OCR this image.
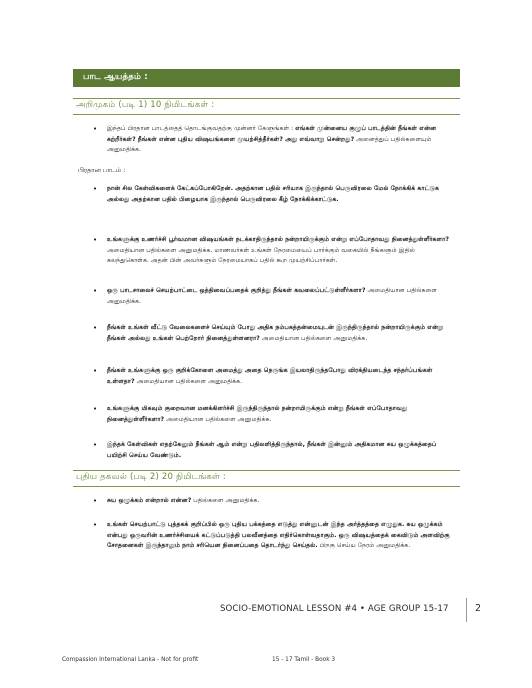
பாட ஆயத்தம் :
அறிமுகம் (படி 1) 10 நிமிடங்கள் :
• இந்தப் பிரதான பாடத்தைத் தொடங்குவதற்கு முன்னர் கேளுங்கள் : எங்கள் முன்னைய குழுப் பாடத்தின் நீங்கள் என்ன கற்றீர்கள்? நீங்கள் என்ன புதிய விஷயங்களை முயற்சித்தீர்கள்? அது எவ்வாறு சென்றது? அனைத்துப் பதில்களையும் அனுமதிக்க.
பிரதான பாடம் :
• நான் சில கேள்விகளைக் கேட்கப்போகிறேன். அதற்கான பதில் சரியாக இருந்தால் பெருவிரலை மேல் நோக்கிக் காட்டுக அல்லது அதற்கான பதில் பிழையாக இருந்தால் பெருவிரலை கீழ் நோக்கிக்காட்டுக.
• உங்களுக்கு உணர்ச்சி பூர்வமான விஷயங்கள் நடக்காதிருந்தால் நன்றாயிருக்கும் என்று எப்போதாவது நினைத்துள்ளீர்களா? அமைதியான பதில்களை அனுமதிக்க. மாணவர்கள் உங்கள் நேரமையைப் பார்க்கும் வகையில் நீங்களும் இதில் கலந்துகொள்க. அதன் பின் அவர்களும் நேரமையாகப் பதில் கூற முயற்சிப்பார்கள்.
• ஒரு பாடசாலைச் செயற்பாட்டை ஒத்திவைப்பதைக் குறித்து நீங்கள் கவலைப்பட்டுள்ளீர்களா? அமைதியான பதில்களை அனுமதிக்க.
• நீங்கள் உங்கள் வீட்டு வேலைகளைச் செய்யும் போது அதிக நம்பகத்தன்மையுடன் இருந்திருந்தால் நன்றாயிருக்கும் என்று நீங்கள் அல்லது உங்கள் பெற்றோர் நினைத்துள்ளனரா? அமைதியான பதில்களை அனுமதிக்க.
• நீங்கள் உங்களுக்கு ஒரு குறிக்கோளை அமைத்து அதை நெருங்க இயலாதிருந்தபோது விரக்தியடைந்த சந்தர்ப்பங்கள் உள்ளதா? அமைதியான பதில்களை அனுமதிக்க.
• உங்களுக்கு மிகவும் குறைவான மனக்கிளர்ச்சி இருந்திருந்தால் நன்றாயிருக்கும் என்று நீங்கள் எப்போதாவது நினைத்துள்ளீர்களா? அமைதியான பதில்களை அனுமதிக்க.
• இந்தக் கேள்விகள் எதற்கேனும் நீங்கள் ஆம் என்று பதிலளித்திருந்தால், நீங்கள் இன்னும் அதிகமான சுய ஒழுக்கத்தைப் பயிற்சி செய்ய வேண்டும்.
புதிய தகவல் (படி 2) 20 நிமிடங்கள் :
• சுய ஒழுக்கம் என்றால் என்ன? பதில்களை அனுமதிக்க.
• உங்கள் செயற்பாட்டு புத்தகக் குறிப்பில் ஒரு புதிய பக்கத்தை எடுத்து என்னுடன் இந்த அர்த்தத்தை எழுதுக. சுய ஒழுக்கம் என்பது ஒருவரின் உணர்ச்சியைக் கட்டுப்படுத்தி பலவீனத்தை எதிர்கொள்வதாகும். ஒரு விஷயத்தைக் கைவிடும் அளவிற்கு சோதனைகள் இருந்தாலும் நாம் சரியென நினைப்பதை தொடர்ந்து செய்தல். பிறகு செய்ய நேரம் அனுமதிக்க.
SOCIO-EMOTIONAL LESSON #4 • AGE GROUP 15-17	2
Compassion International Lanka - Not for profit	15 - 17 Tamil - Book 3
